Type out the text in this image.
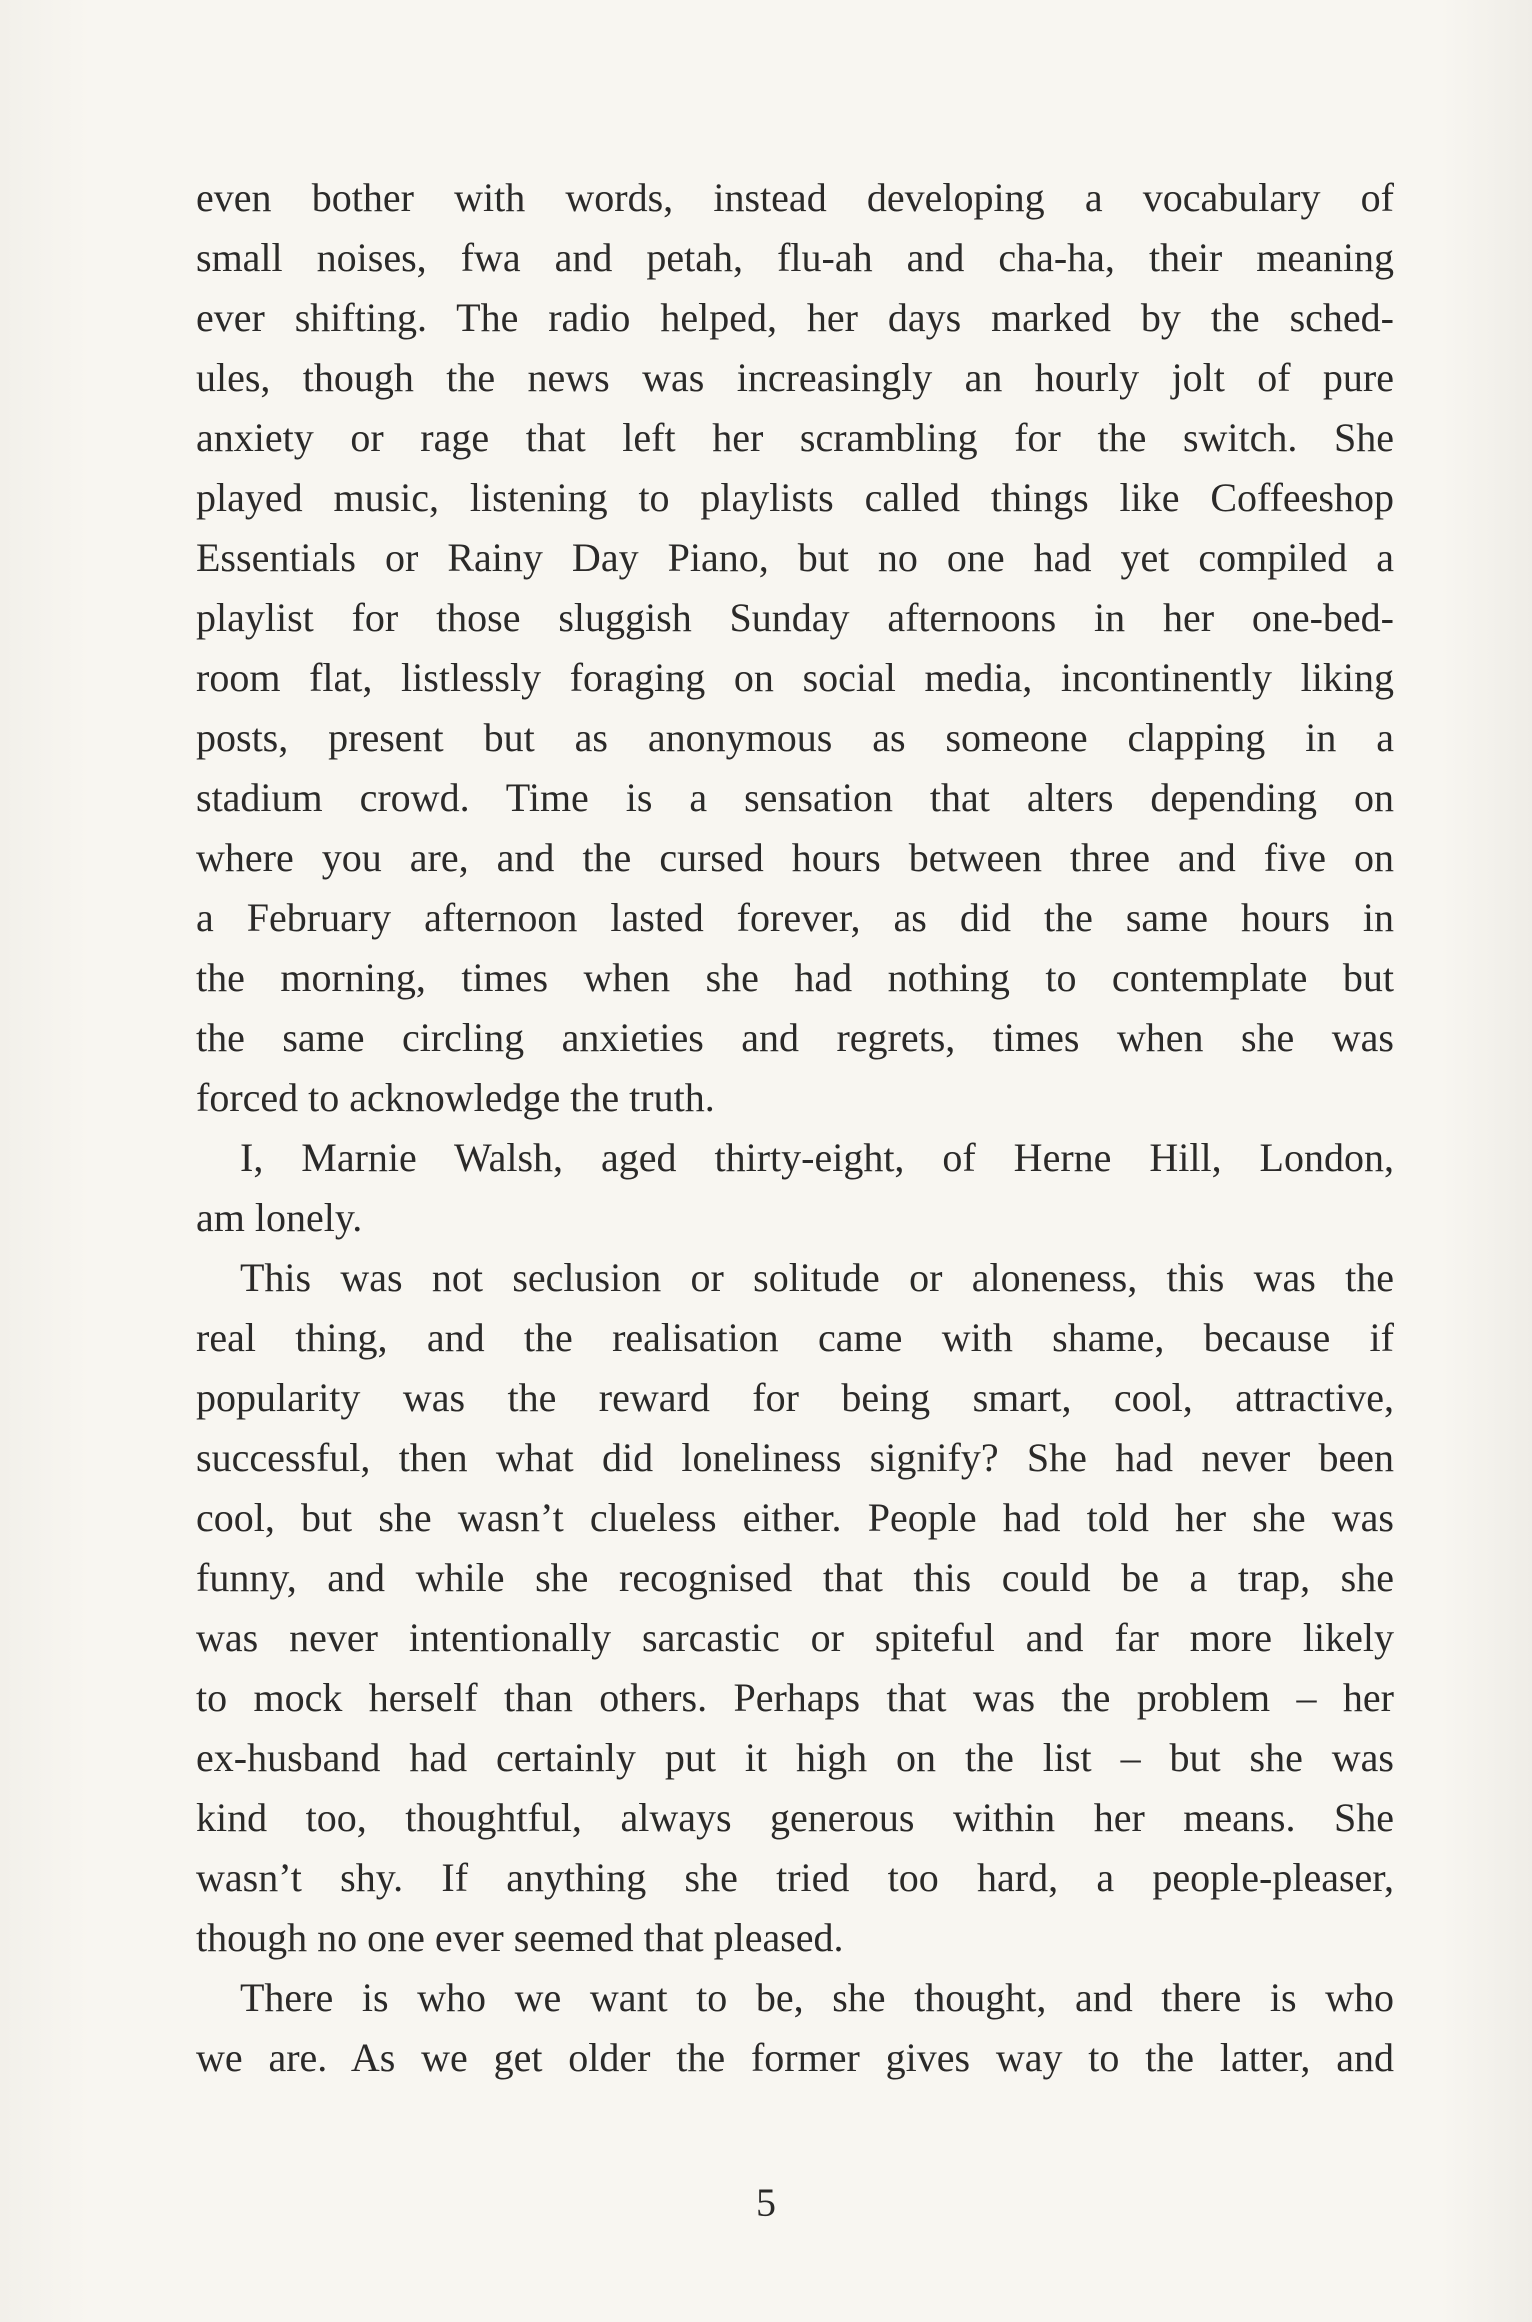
even bother with words, instead developing a vocabulary of
small noises, fwa and petah, flu-ah and cha-ha, their meaning
ever shifting. The radio helped, her days marked by the sched-
ules, though the news was increasingly an hourly jolt of pure
anxiety or rage that left her scrambling for the switch. She
played music, listening to playlists called things like Coffeeshop
Essentials or Rainy Day Piano, but no one had yet compiled a
playlist for those sluggish Sunday afternoons in her one-bed-
room flat, listlessly foraging on social media, incontinently liking
posts, present but as anonymous as someone clapping in a
stadium crowd. Time is a sensation that alters depending on
where you are, and the cursed hours between three and five on
a February afternoon lasted forever, as did the same hours in
the morning, times when she had nothing to contemplate but
the same circling anxieties and regrets, times when she was
forced to acknowledge the truth.
I, Marnie Walsh, aged thirty-eight, of Herne Hill, London,
am lonely.
This was not seclusion or solitude or aloneness, this was the
real thing, and the realisation came with shame, because if
popularity was the reward for being smart, cool, attractive,
successful, then what did loneliness signify? She had never been
cool, but she wasn’t clueless either. People had told her she was
funny, and while she recognised that this could be a trap, she
was never intentionally sarcastic or spiteful and far more likely
to mock herself than others. Perhaps that was the problem – her
ex-husband had certainly put it high on the list – but she was
kind too, thoughtful, always generous within her means. She
wasn’t shy. If anything she tried too hard, a people-pleaser,
though no one ever seemed that pleased.
There is who we want to be, she thought, and there is who
we are. As we get older the former gives way to the latter, and
5
